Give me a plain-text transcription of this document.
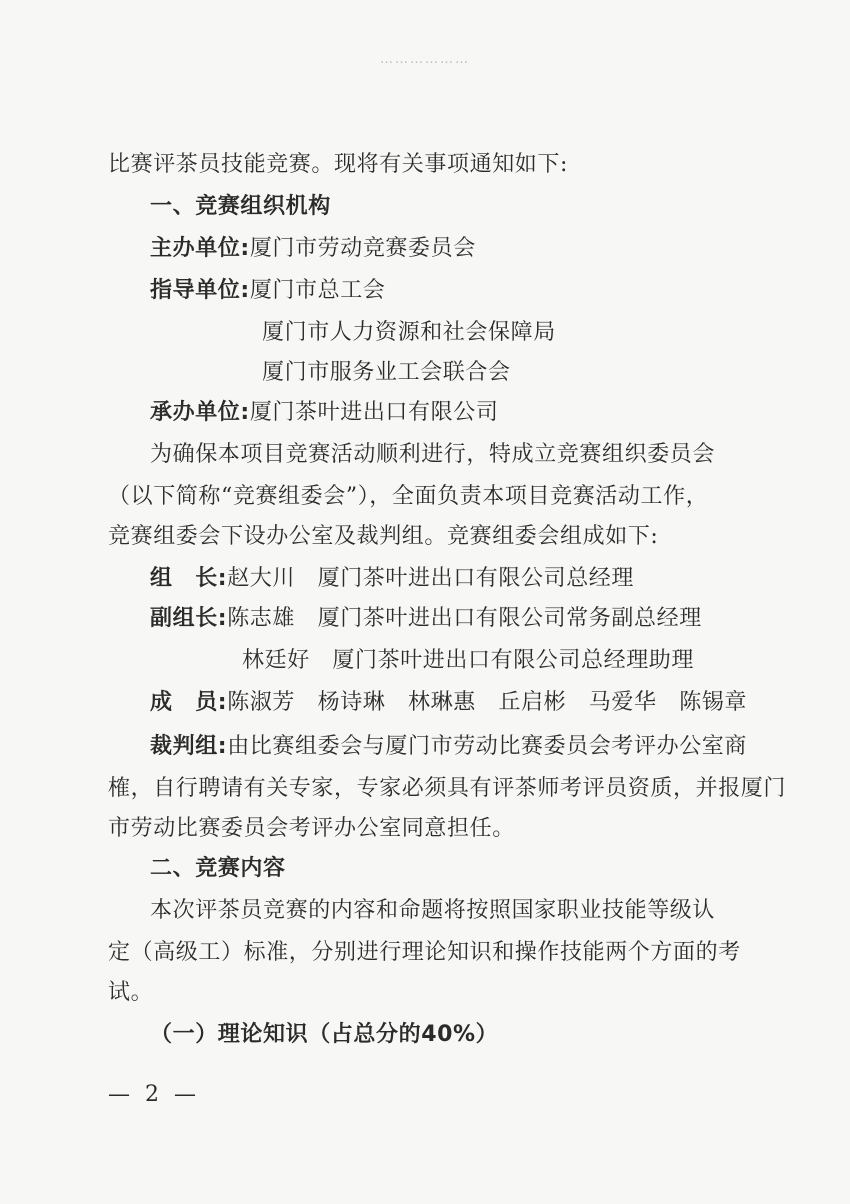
………………
比赛评茶员技能竞赛。现将有关事项通知如下:
一、竞赛组织机构
主办单位:厦门市劳动竞赛委员会
指导单位:厦门市总工会
厦门市人力资源和社会保障局
厦门市服务业工会联合会
承办单位:厦门茶叶进出口有限公司
为确保本项目竞赛活动顺利进行，特成立竞赛组织委员会
（以下简称“竞赛组委会”），全面负责本项目竞赛活动工作，
竞赛组委会下设办公室及裁判组。竞赛组委会组成如下:
组　长:赵大川　厦门茶叶进出口有限公司总经理
副组长:陈志雄　厦门茶叶进出口有限公司常务副总经理
林廷好　厦门茶叶进出口有限公司总经理助理
成　员:陈淑芳　杨诗琳　林琳惠　丘启彬　马爱华　陈锡章
裁判组:由比赛组委会与厦门市劳动比赛委员会考评办公室商
榷，自行聘请有关专家，专家必须具有评茶师考评员资质，并报厦门
市劳动比赛委员会考评办公室同意担任。
二、竞赛内容
本次评茶员竞赛的内容和命题将按照国家职业技能等级认
定（高级工）标准，分别进行理论知识和操作技能两个方面的考
试。
（一）理论知识（占总分的40%）
— 2 —
